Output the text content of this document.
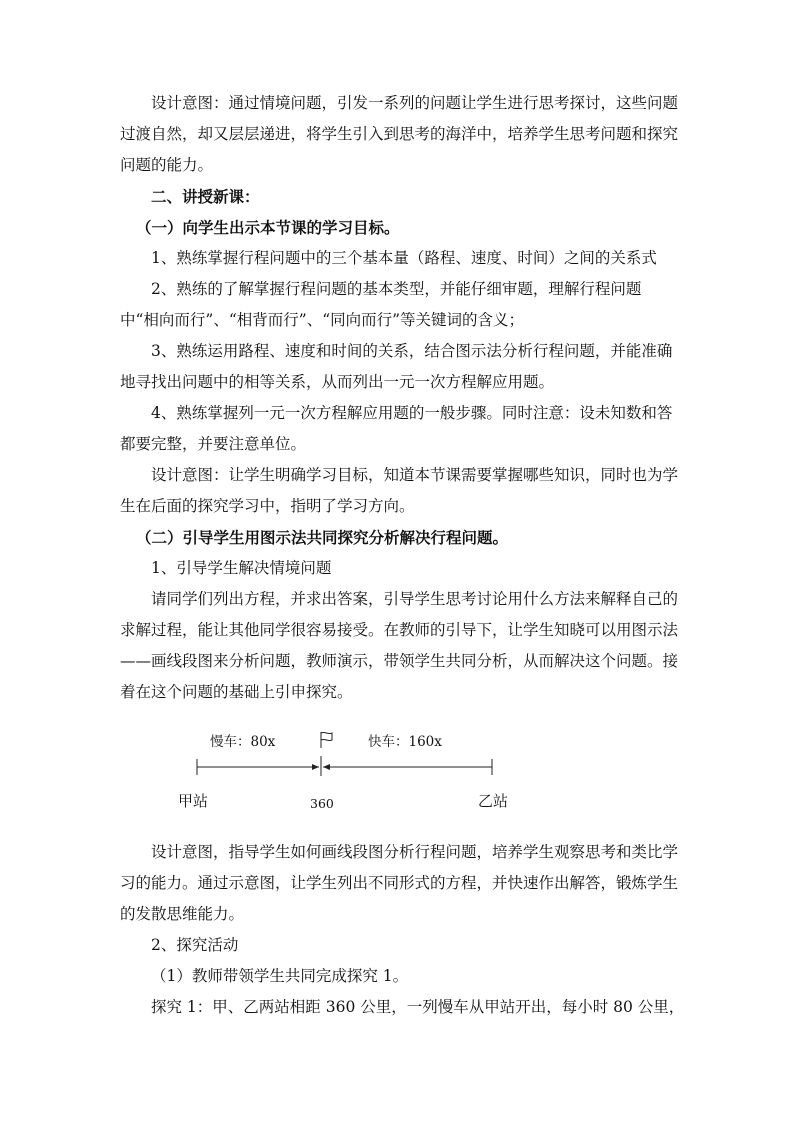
设计意图：通过情境问题，引发一系列的问题让学生进行思考探讨，这些问题过渡自然，却又层层递进，将学生引入到思考的海洋中，培养学生思考问题和探究问题的能力。

二、讲授新课：
（一）向学生出示本节课的学习目标。
1、熟练掌握行程问题中的三个基本量（路程、速度、时间）之间的关系式

2、熟练的了解掌握行程问题的基本类型，并能仔细审题，理解行程问题中“相向而行”、“相背而行”、“同向而行”等关键词的含义；

3、熟练运用路程、速度和时间的关系，结合图示法分析行程问题，并能准确地寻找出问题中的相等关系，从而列出一元一次方程解应用题。

4、熟练掌握列一元一次方程解应用题的一般步骤。同时注意：设未知数和答都要完整，并要注意单位。

设计意图：让学生明确学习目标，知道本节课需要掌握哪些知识，同时也为学生在后面的探究学习中，指明了学习方向。

（二）引导学生用图示法共同探究分析解决行程问题。
1、引导学生解决情境问题

请同学们列出方程，并求出答案，引导学生思考讨论用什么方法来解释自己的求解过程，能让其他同学很容易接受。在教师的引导下，让学生知晓可以用图示法——画线段图来分析问题，教师演示，带领学生共同分析，从而解决这个问题。接着在这个问题的基础上引申探究。

慢车：80x	快车：160x
甲站	360	乙站

设计意图，指导学生如何画线段图分析行程问题，培养学生观察思考和类比学习的能力。通过示意图，让学生列出不同形式的方程，并快速作出解答，锻炼学生的发散思维能力。

2、探究活动
（1）教师带领学生共同完成探究 1。
探究 1：甲、乙两站相距 360 公里，一列慢车从甲站开出，每小时 80 公里，
